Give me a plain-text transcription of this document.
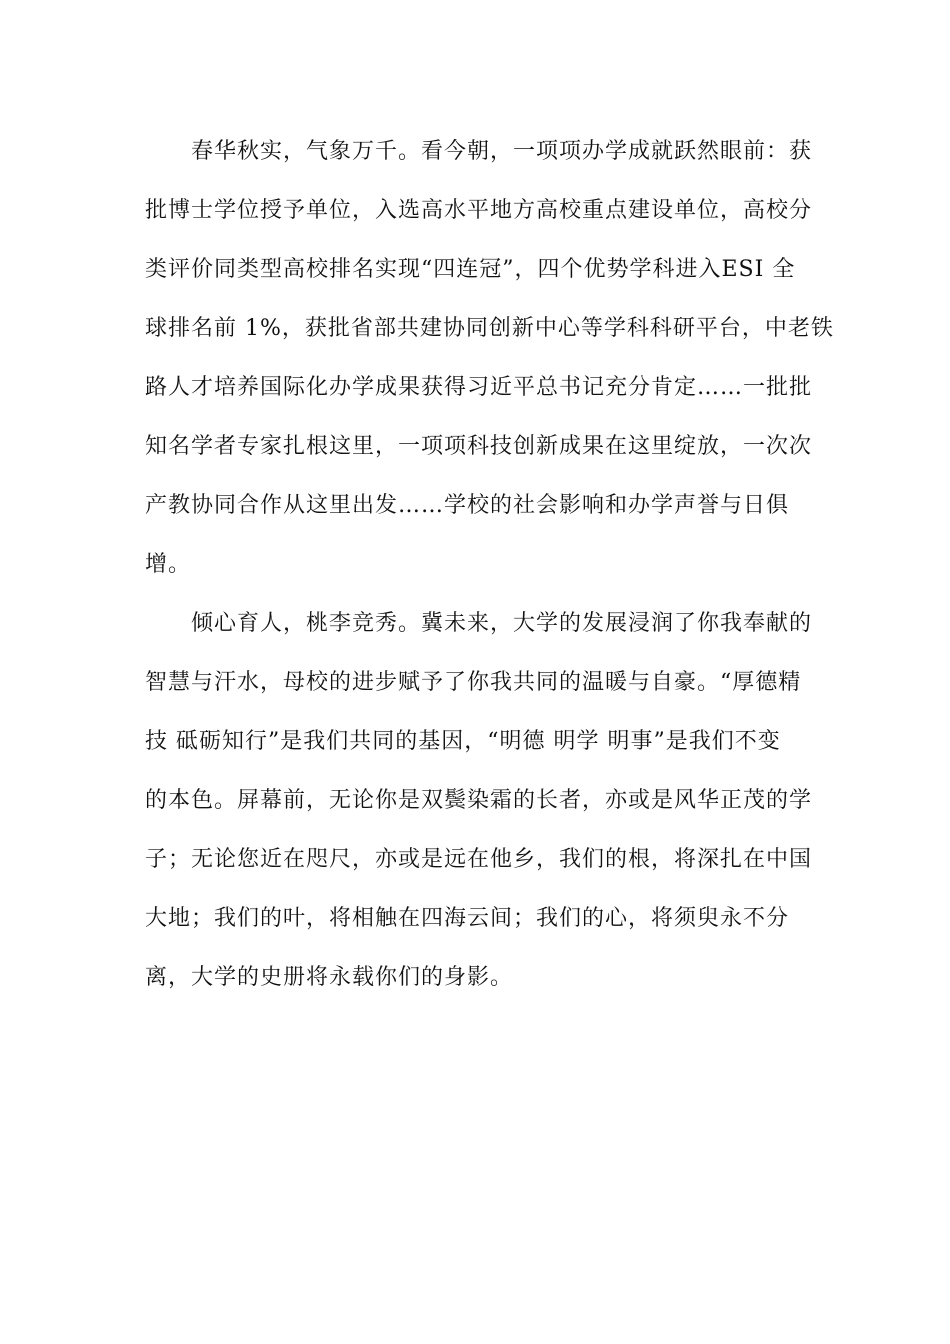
春华秋实，气象万千。看今朝，一项项办学成就跃然眼前：获
批博士学位授予单位，入选高水平地方高校重点建设单位，高校分
类评价同类型高校排名实现“四连冠”，四个优势学科进入ESI 全
球排名前 1%，获批省部共建协同创新中心等学科科研平台，中老铁
路人才培养国际化办学成果获得习近平总书记充分肯定……一批批
知名学者专家扎根这里，一项项科技创新成果在这里绽放，一次次
产教协同合作从这里出发……学校的社会影响和办学声誉与日俱
增。
倾心育人，桃李竞秀。冀未来，大学的发展浸润了你我奉献的
智慧与汗水，母校的进步赋予了你我共同的温暖与自豪。“厚德精
技 砥砺知行”是我们共同的基因，“明德 明学 明事”是我们不变
的本色。屏幕前，无论你是双鬓染霜的长者，亦或是风华正茂的学
子；无论您近在咫尺，亦或是远在他乡，我们的根，将深扎在中国
大地；我们的叶，将相触在四海云间；我们的心，将须臾永不分
离，大学的史册将永载你们的身影。
